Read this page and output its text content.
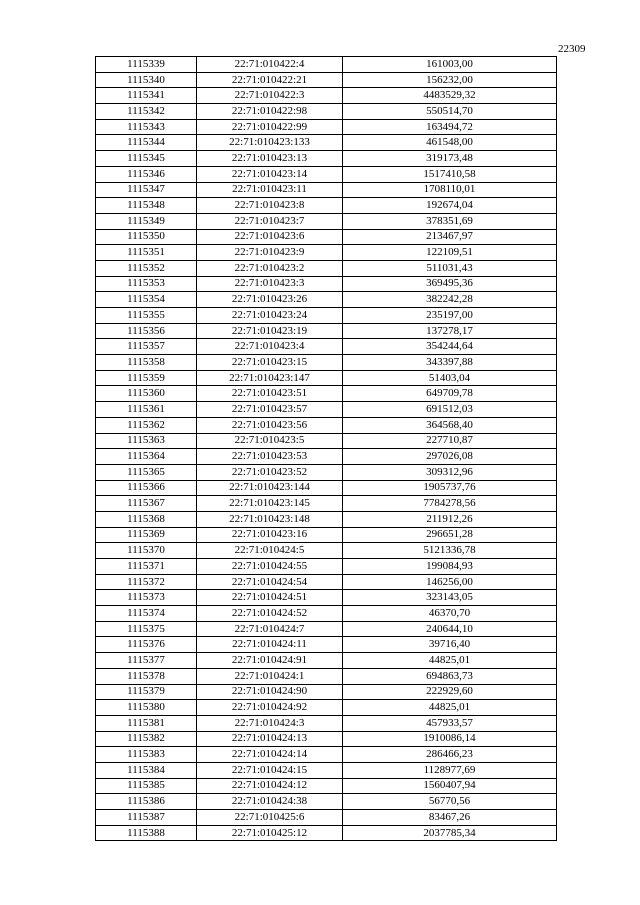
22309
1115339	22:71:010422:4	161003,00
1115340	22:71:010422:21	156232,00
1115341	22:71:010422:3	4483529,32
1115342	22:71:010422:98	550514,70
1115343	22:71:010422:99	163494,72
1115344	22:71:010423:133	461548,00
1115345	22:71:010423:13	319173,48
1115346	22:71:010423:14	1517410,58
1115347	22:71:010423:11	1708110,01
1115348	22:71:010423:8	192674,04
1115349	22:71:010423:7	378351,69
1115350	22:71:010423:6	213467,97
1115351	22:71:010423:9	122109,51
1115352	22:71:010423:2	511031,43
1115353	22:71:010423:3	369495,36
1115354	22:71:010423:26	382242,28
1115355	22:71:010423:24	235197,00
1115356	22:71:010423:19	137278,17
1115357	22:71:010423:4	354244,64
1115358	22:71:010423:15	343397,88
1115359	22:71:010423:147	51403,04
1115360	22:71:010423:51	649709,78
1115361	22:71:010423:57	691512,03
1115362	22:71:010423:56	364568,40
1115363	22:71:010423:5	227710,87
1115364	22:71:010423:53	297026,08
1115365	22:71:010423:52	309312,96
1115366	22:71:010423:144	1905737,76
1115367	22:71:010423:145	7784278,56
1115368	22:71:010423:148	211912,26
1115369	22:71:010423:16	296651,28
1115370	22:71:010424:5	5121336,78
1115371	22:71:010424:55	199084,93
1115372	22:71:010424:54	146256,00
1115373	22:71:010424:51	323143,05
1115374	22:71:010424:52	46370,70
1115375	22:71:010424:7	240644,10
1115376	22:71:010424:11	39716,40
1115377	22:71:010424:91	44825,01
1115378	22:71:010424:1	694863,73
1115379	22:71:010424:90	222929,60
1115380	22:71:010424:92	44825,01
1115381	22:71:010424:3	457933,57
1115382	22:71:010424:13	1910086,14
1115383	22:71:010424:14	286466,23
1115384	22:71:010424:15	1128977,69
1115385	22:71:010424:12	1560407,94
1115386	22:71:010424:38	56770,56
1115387	22:71:010425:6	83467,26
1115388	22:71:010425:12	2037785,34
